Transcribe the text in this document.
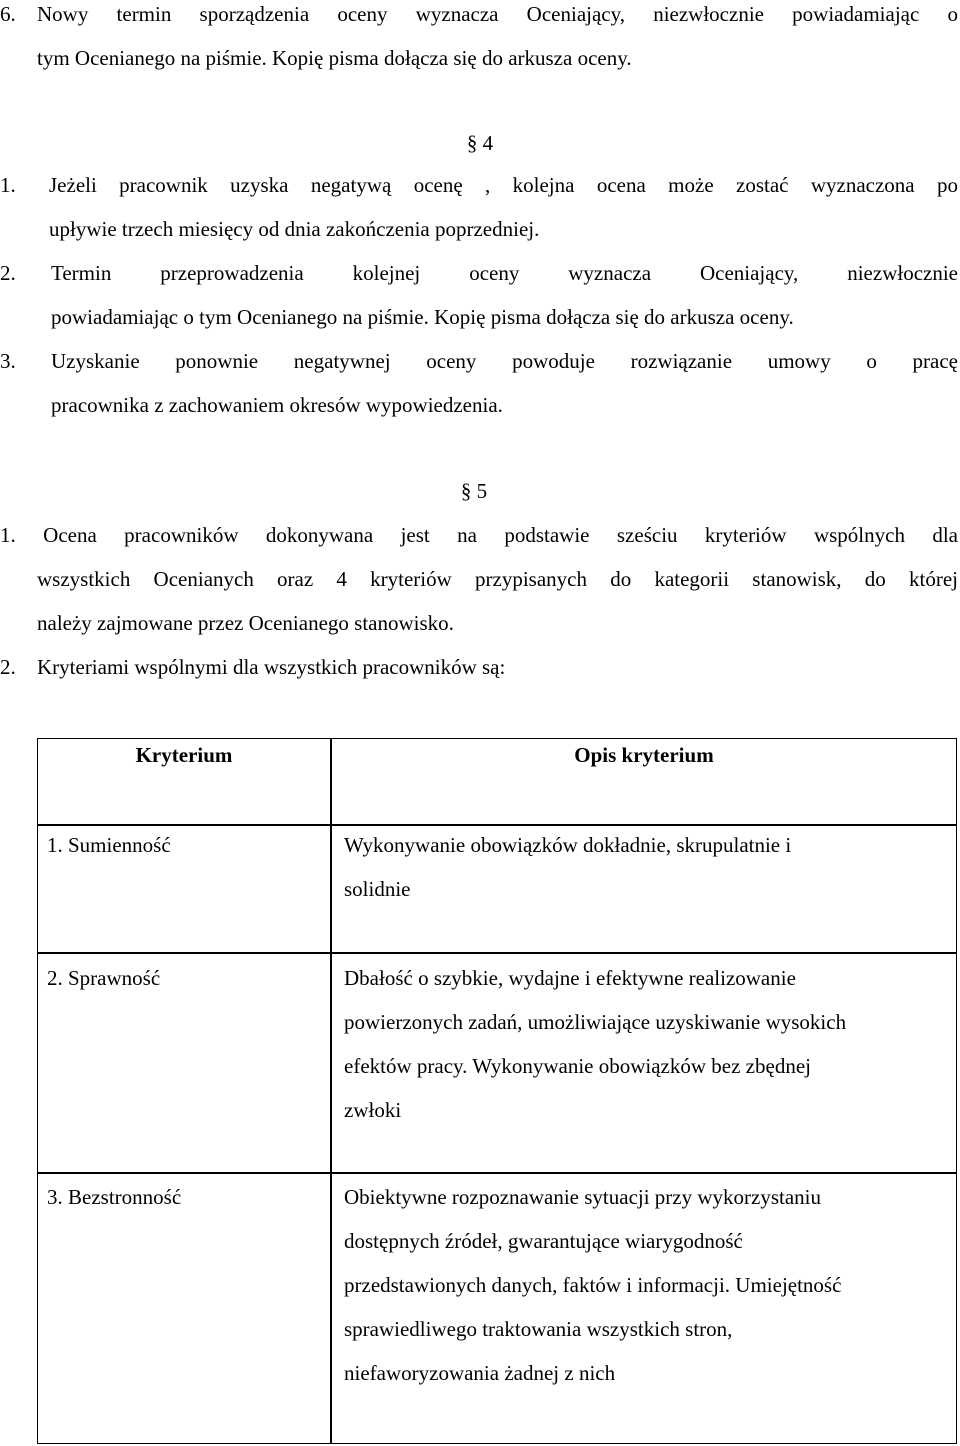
6. Nowy termin sporządzenia oceny wyznacza Oceniający, niezwłocznie powiadamiając o
tym Ocenianego na piśmie. Kopię pisma dołącza się do arkusza oceny.
§ 4
1. Jeżeli pracownik uzyska negatywą ocenę , kolejna ocena może zostać wyznaczona po
upływie trzech miesięcy od dnia zakończenia poprzedniej.
2. Termin przeprowadzenia kolejnej oceny wyznacza Oceniający, niezwłocznie
powiadamiając o tym Ocenianego na piśmie. Kopię pisma dołącza się do arkusza oceny.
3. Uzyskanie ponownie negatywnej oceny powoduje rozwiązanie umowy o pracę
pracownika z zachowaniem okresów wypowiedzenia.
§ 5
1. Ocena pracowników dokonywana jest na podstawie sześciu kryteriów wspólnych dla
wszystkich Ocenianych oraz 4 kryteriów przypisanych do kategorii stanowisk, do której
należy zajmowane przez Ocenianego stanowisko.
2. Kryteriami wspólnymi dla wszystkich pracowników są:
Kryterium	Opis kryterium
1. Sumienność	Wykonywanie obowiązków dokładnie, skrupulatnie i
solidnie
2. Sprawność	Dbałość o szybkie, wydajne i efektywne realizowanie
powierzonych zadań, umożliwiające uzyskiwanie wysokich
efektów pracy. Wykonywanie obowiązków bez zbędnej
zwłoki
3. Bezstronność	Obiektywne rozpoznawanie sytuacji przy wykorzystaniu
dostępnych źródeł, gwarantujące wiarygodność
przedstawionych danych, faktów i informacji. Umiejętność
sprawiedliwego traktowania wszystkich stron,
niefaworyzowania żadnej z nich
